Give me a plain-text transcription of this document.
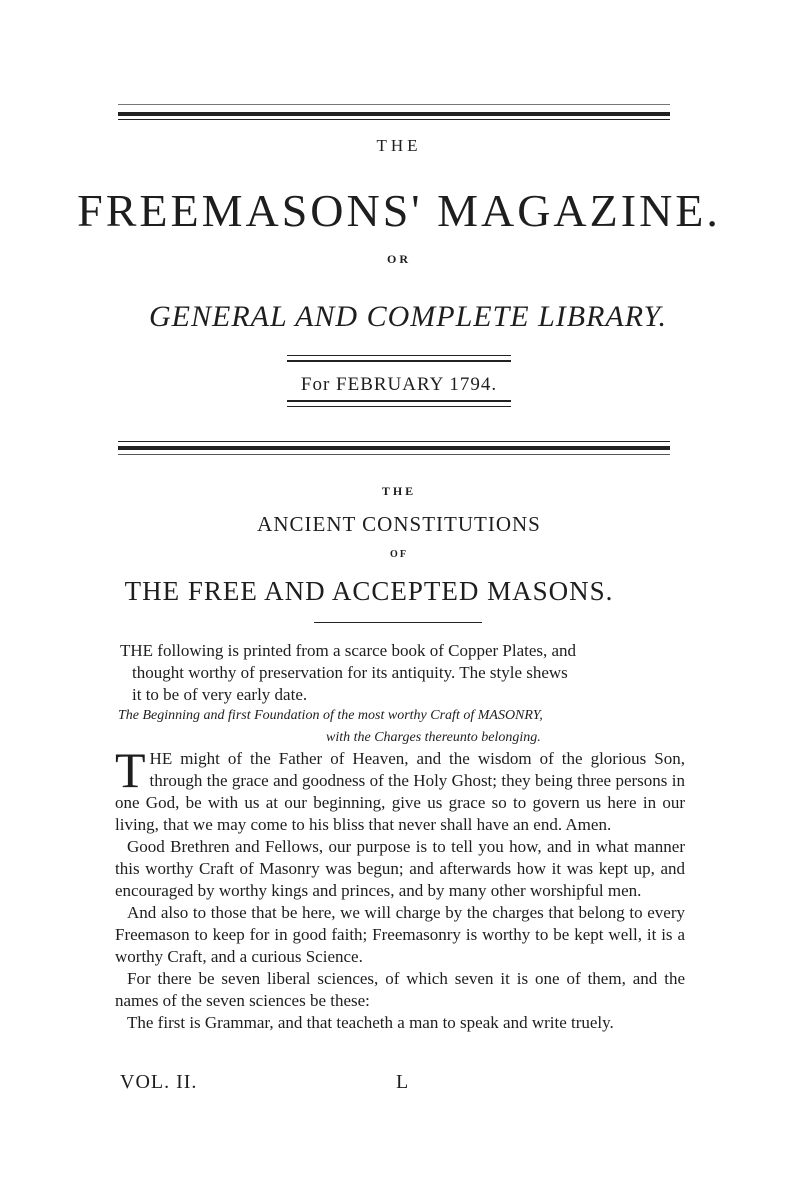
THE
FREEMASONS' MAGAZINE.
OR
GENERAL AND COMPLETE LIBRARY.
For FEBRUARY 1794.
THE
ANCIENT CONSTITUTIONS
OF
THE FREE AND ACCEPTED MASONS.
THE following is printed from a scarce book of Copper Plates, and
thought worthy of preservation for its antiquity. The style shews
it to be of very early date.
The Beginning and first Foundation of the most worthy Craft of MASONRY,
with the Charges thereunto belonging.

THE might of the Father of Heaven, and the wisdom of the glorious Son, through the grace and goodness of the Holy Ghost; they being three persons in one God, be with us at our beginning, give us grace so to govern us here in our living, that we may come to his bliss that never shall have an end. Amen.

Good Brethren and Fellows, our purpose is to tell you how, and in what manner this worthy Craft of Masonry was begun; and afterwards how it was kept up, and encouraged by worthy kings and princes, and by many other worshipful men.

And also to those that be here, we will charge by the charges that belong to every Freemason to keep for in good faith; Freemasonry is worthy to be kept well, it is a worthy Craft, and a curious Science.

For there be seven liberal sciences, of which seven it is one of them, and the names of the seven sciences be these:

The first is Grammar, and that teacheth a man to speak and write truely.

VOL. II.	L
